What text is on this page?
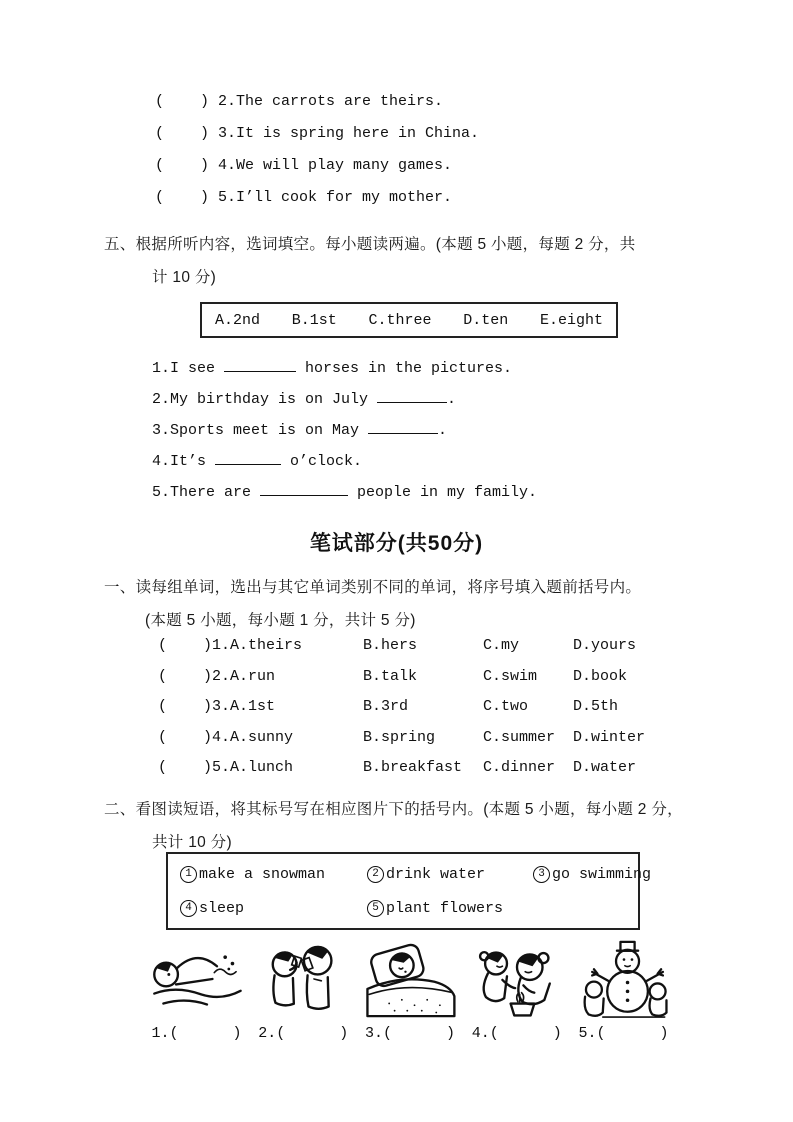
(    ) 2.The carrots are theirs.
(    ) 3.It is spring here in China.
(    ) 4.We will play many games.
(    ) 5.I’ll cook for my mother.
五、根据所听内容，选词填空。每小题读两遍。(本题 5 小题，每题 2 分，共
计 10 分)
A.2nd B.1st C.three D.ten E.eight
1.I see	horses in the pictures.
2.My birthday is on July	.
3.Sports meet is on May	.
4.It’s	o’clock.
5.There are	people in my family.
笔试部分(共50分)
一、读每组单词，选出与其它单词类别不同的单词，将序号填入题前括号内。
(本题 5 小题，每小题 1 分，共计 5 分)
(    ) 1.A.theirs	B.hers	C.my	D.yours
(    ) 2.A.run	B.talk	C.swim	D.book
(    ) 3.A.1st	B.3rd	C.two	D.5th
(    ) 4.A.sunny	B.spring	C.summer	D.winter
(    ) 5.A.lunch	B.breakfast	C.dinner	D.water
二、看图读短语，将其标号写在相应图片下的括号内。(本题 5 小题，每小题 2 分，
共计 10 分)
1 make a snowman	2 drink water	3 go swimming
4 sleep	5 plant flowers
1.(      )	2.(      )	3.(      )	4.(      )	5.(      )
